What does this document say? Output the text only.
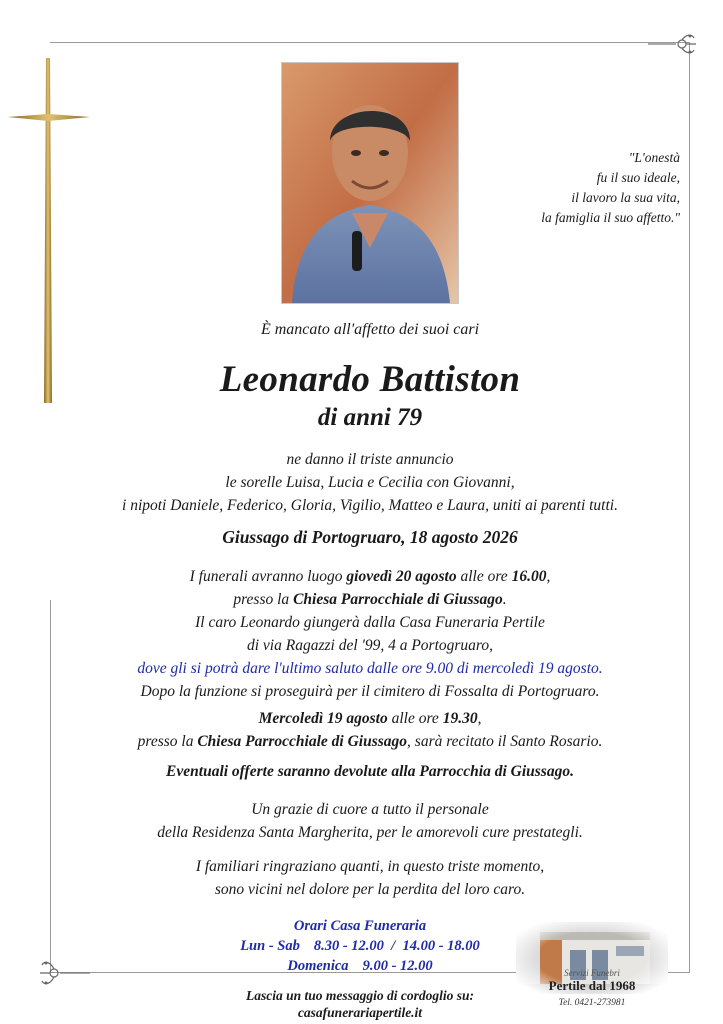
"L'onestà
fu il suo ideale,
il lavoro la sua vita,
la famiglia il suo affetto."
È mancato all'affetto dei suoi cari
Leonardo Battiston
di anni 79
ne danno il triste annuncio
le sorelle Luisa, Lucia e Cecilia con Giovanni,
i nipoti Daniele, Federico, Gloria, Vigilio, Matteo e Laura, uniti ai parenti tutti.
Giussago di Portogruaro, 18 agosto 2026
I funerali avranno luogo giovedì 20 agosto alle ore 16.00,
presso la Chiesa Parrocchiale di Giussago.
Il caro Leonardo giungerà dalla Casa Funeraria Pertile
di via Ragazzi del '99, 4 a Portogruaro,
dove gli si potrà dare l'ultimo saluto dalle ore 9.00 di mercoledì 19 agosto.
Dopo la funzione si proseguirà per il cimitero di Fossalta di Portogruaro.
Mercoledì 19 agosto alle ore 19.30,
presso la Chiesa Parrocchiale di Giussago, sarà recitato il Santo Rosario.
Eventuali offerte saranno devolute alla Parrocchia di Giussago.
Un grazie di cuore a tutto il personale
della Residenza Santa Margherita, per le amorevoli cure prestategli.
I familiari ringraziano quanti, in questo triste momento,
sono vicini nel dolore per la perdita del loro caro.
Orari Casa Funeraria
Lun - Sab 8.30 - 12.00  /  14.00 - 18.00
Domenica 9.00 - 12.00
Lascia un tuo messaggio di cordoglio su:
casafunerariapertile.it
Servizi Funebri
Pertile dal 1968
Tel. 0421-273981
